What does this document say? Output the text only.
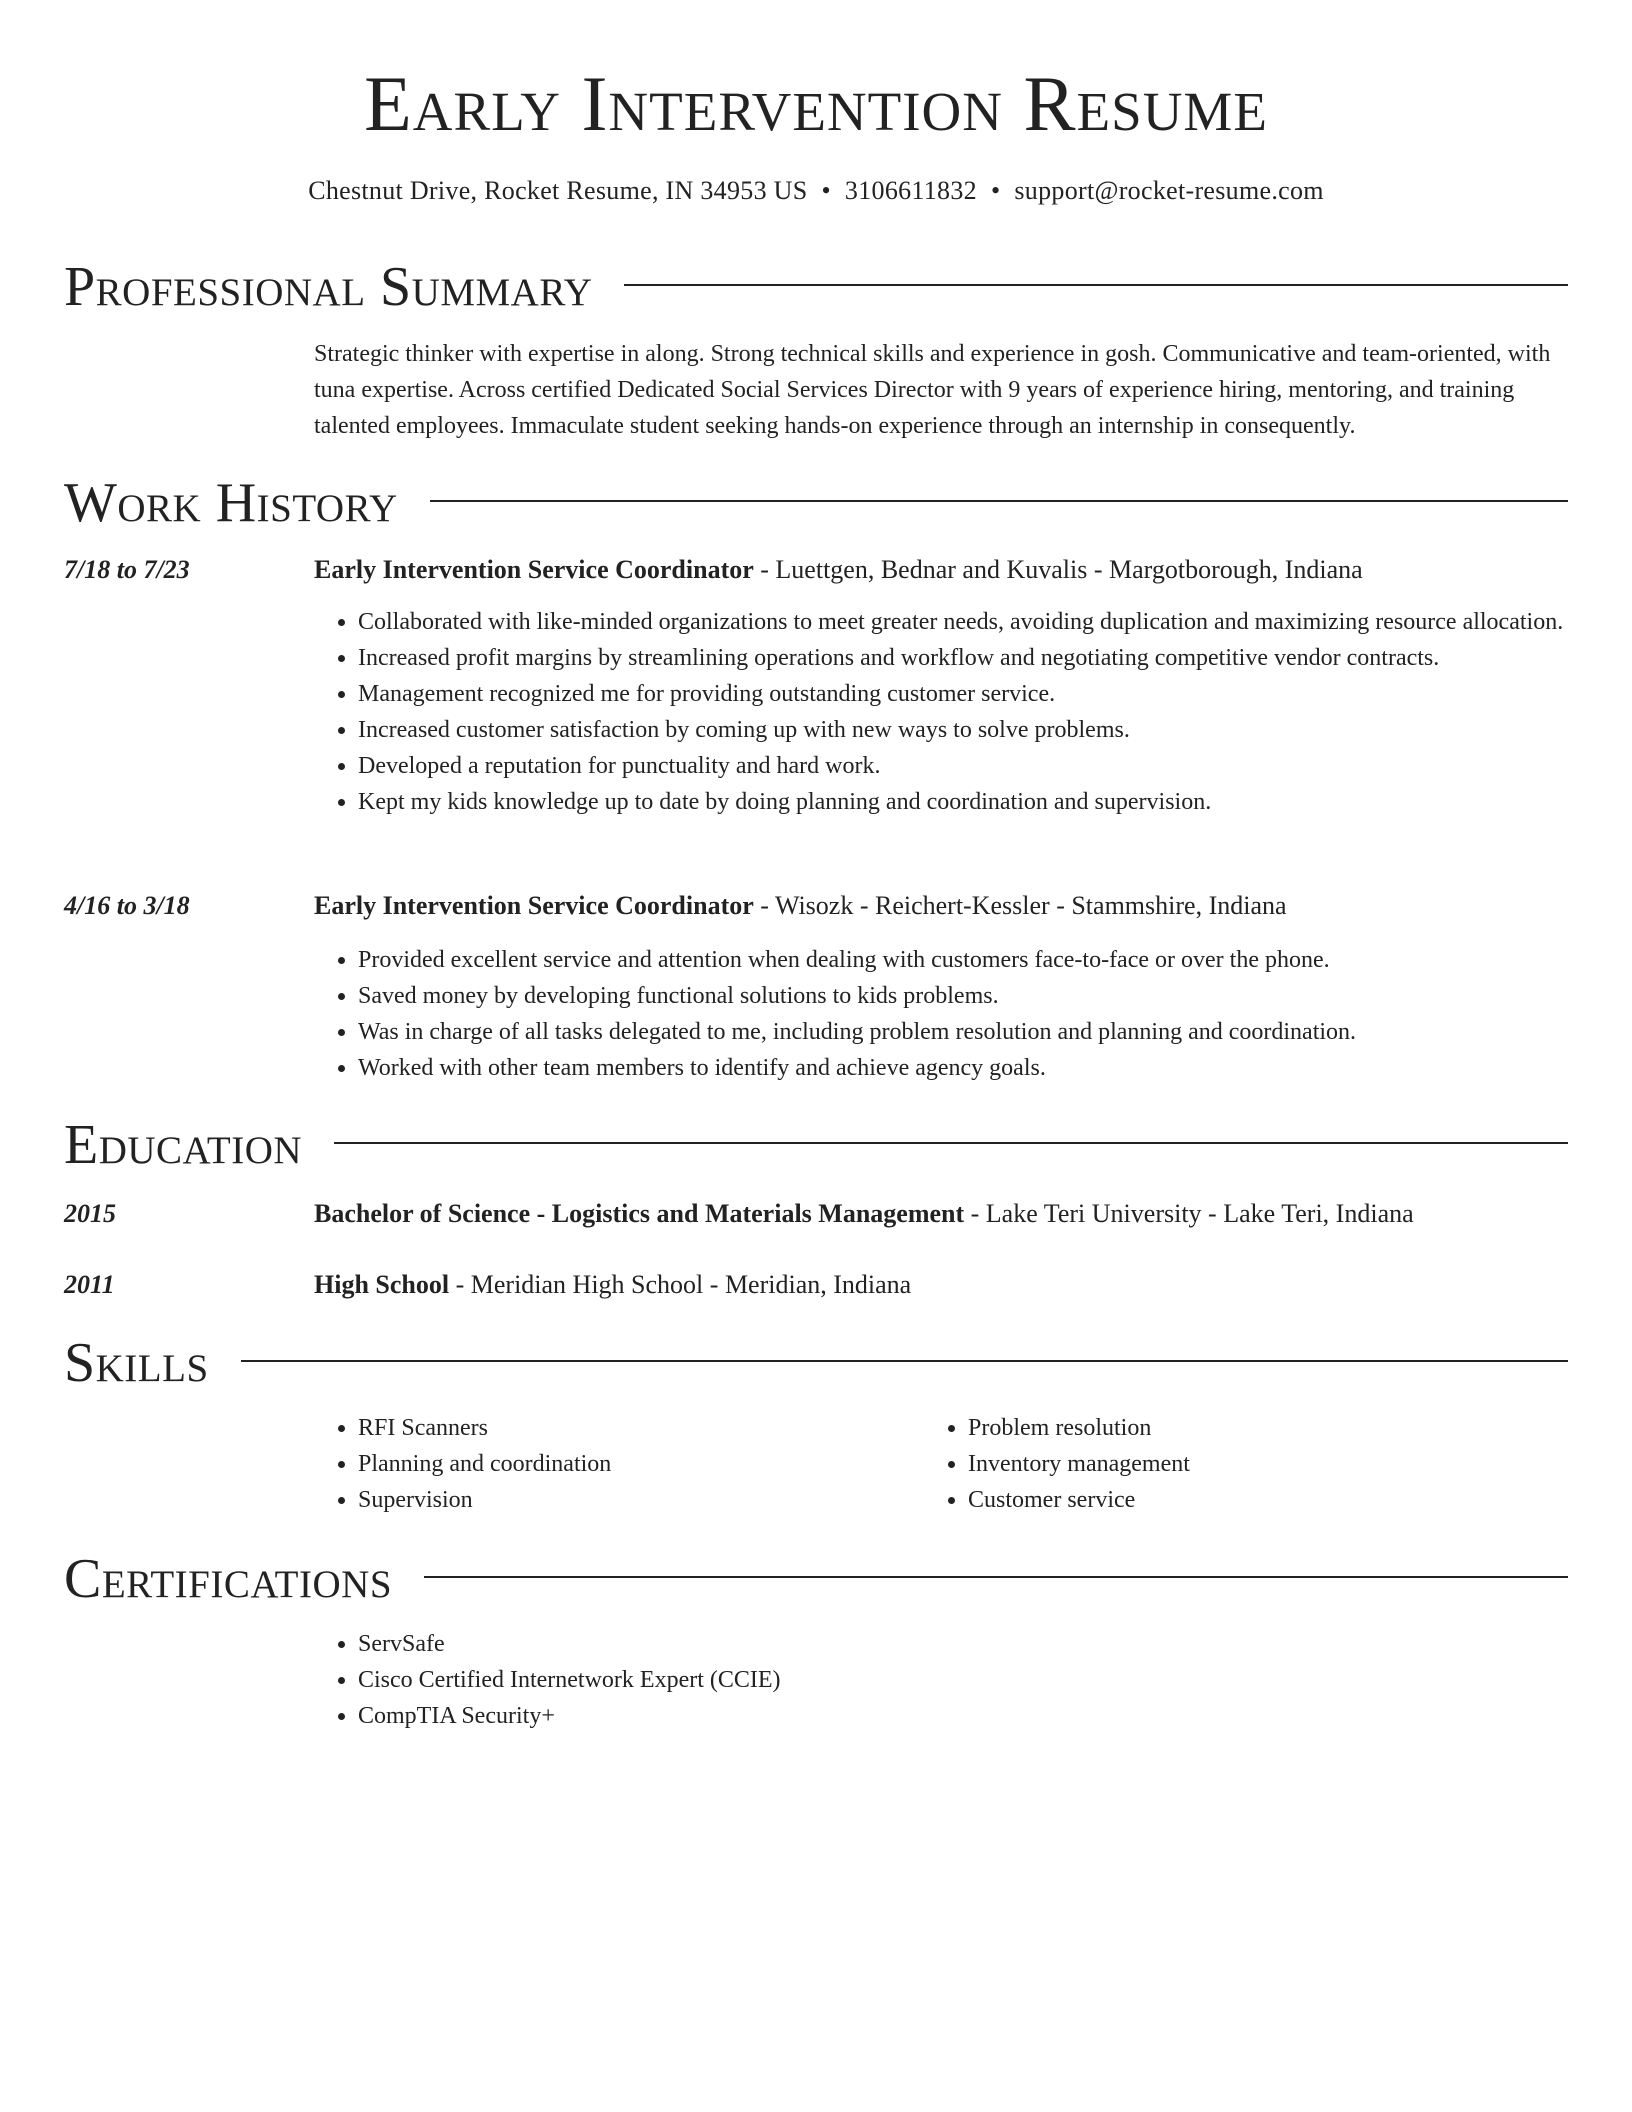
Early Intervention Resume
Chestnut Drive, Rocket Resume, IN 34953 US • 3106611832 • support@rocket-resume.com
Professional Summary
Strategic thinker with expertise in along. Strong technical skills and experience in gosh. Communicative and team-oriented, with tuna expertise. Across certified Dedicated Social Services Director with 9 years of experience hiring, mentoring, and training talented employees. Immaculate student seeking hands-on experience through an internship in consequently.
Work History
7/18 to 7/23	Early Intervention Service Coordinator - Luettgen, Bednar and Kuvalis - Margotborough, Indiana
• Collaborated with like-minded organizations to meet greater needs, avoiding duplication and maximizing resource allocation.
• Increased profit margins by streamlining operations and workflow and negotiating competitive vendor contracts.
• Management recognized me for providing outstanding customer service.
• Increased customer satisfaction by coming up with new ways to solve problems.
• Developed a reputation for punctuality and hard work.
• Kept my kids knowledge up to date by doing planning and coordination and supervision.
4/16 to 3/18	Early Intervention Service Coordinator - Wisozk - Reichert-Kessler - Stammshire, Indiana
• Provided excellent service and attention when dealing with customers face-to-face or over the phone.
• Saved money by developing functional solutions to kids problems.
• Was in charge of all tasks delegated to me, including problem resolution and planning and coordination.
• Worked with other team members to identify and achieve agency goals.
Education
2015	Bachelor of Science - Logistics and Materials Management - Lake Teri University - Lake Teri, Indiana
2011	High School - Meridian High School - Meridian, Indiana
Skills
• RFI Scanners
• Planning and coordination
• Supervision
• Problem resolution
• Inventory management
• Customer service
Certifications
• ServSafe
• Cisco Certified Internetwork Expert (CCIE)
• CompTIA Security+
